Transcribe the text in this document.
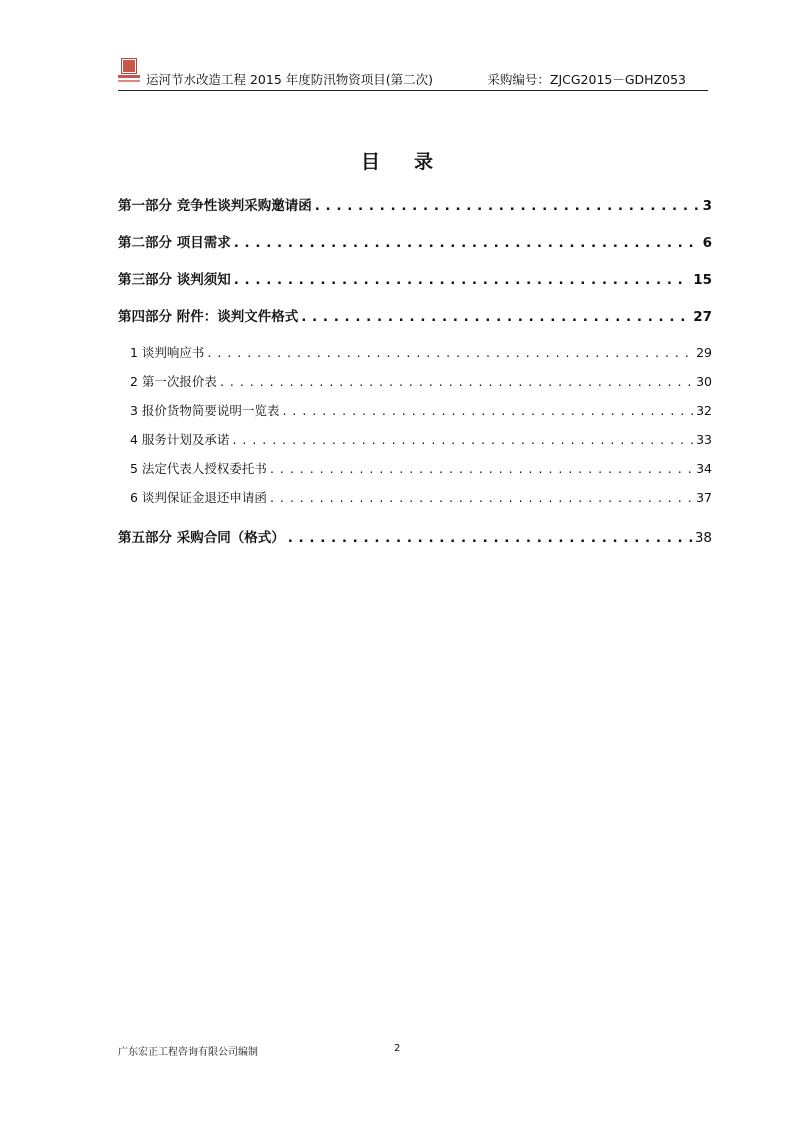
运河节水改造工程 2015 年度防汛物资项目(第二次)	采购编号：ZJCG2015－GDHZ053
目 录
第一部分 竞争性谈判采购邀请函 . . .	3
第二部分 项目需求 . . .	6
第三部分 谈判须知 . . .	15
第四部分 附件：谈判文件格式 . . .	27
1 谈判响应书 . . .	29
2 第一次报价表 . . .	30
3 报价货物简要说明一览表 . . .	32
4 服务计划及承诺 . . .	33
5 法定代表人授权委托书 . . .	34
6 谈判保证金退还申请函 . . .	37
第五部分 采购合同（格式） . . .	38
广东宏正工程咨询有限公司编制	2
